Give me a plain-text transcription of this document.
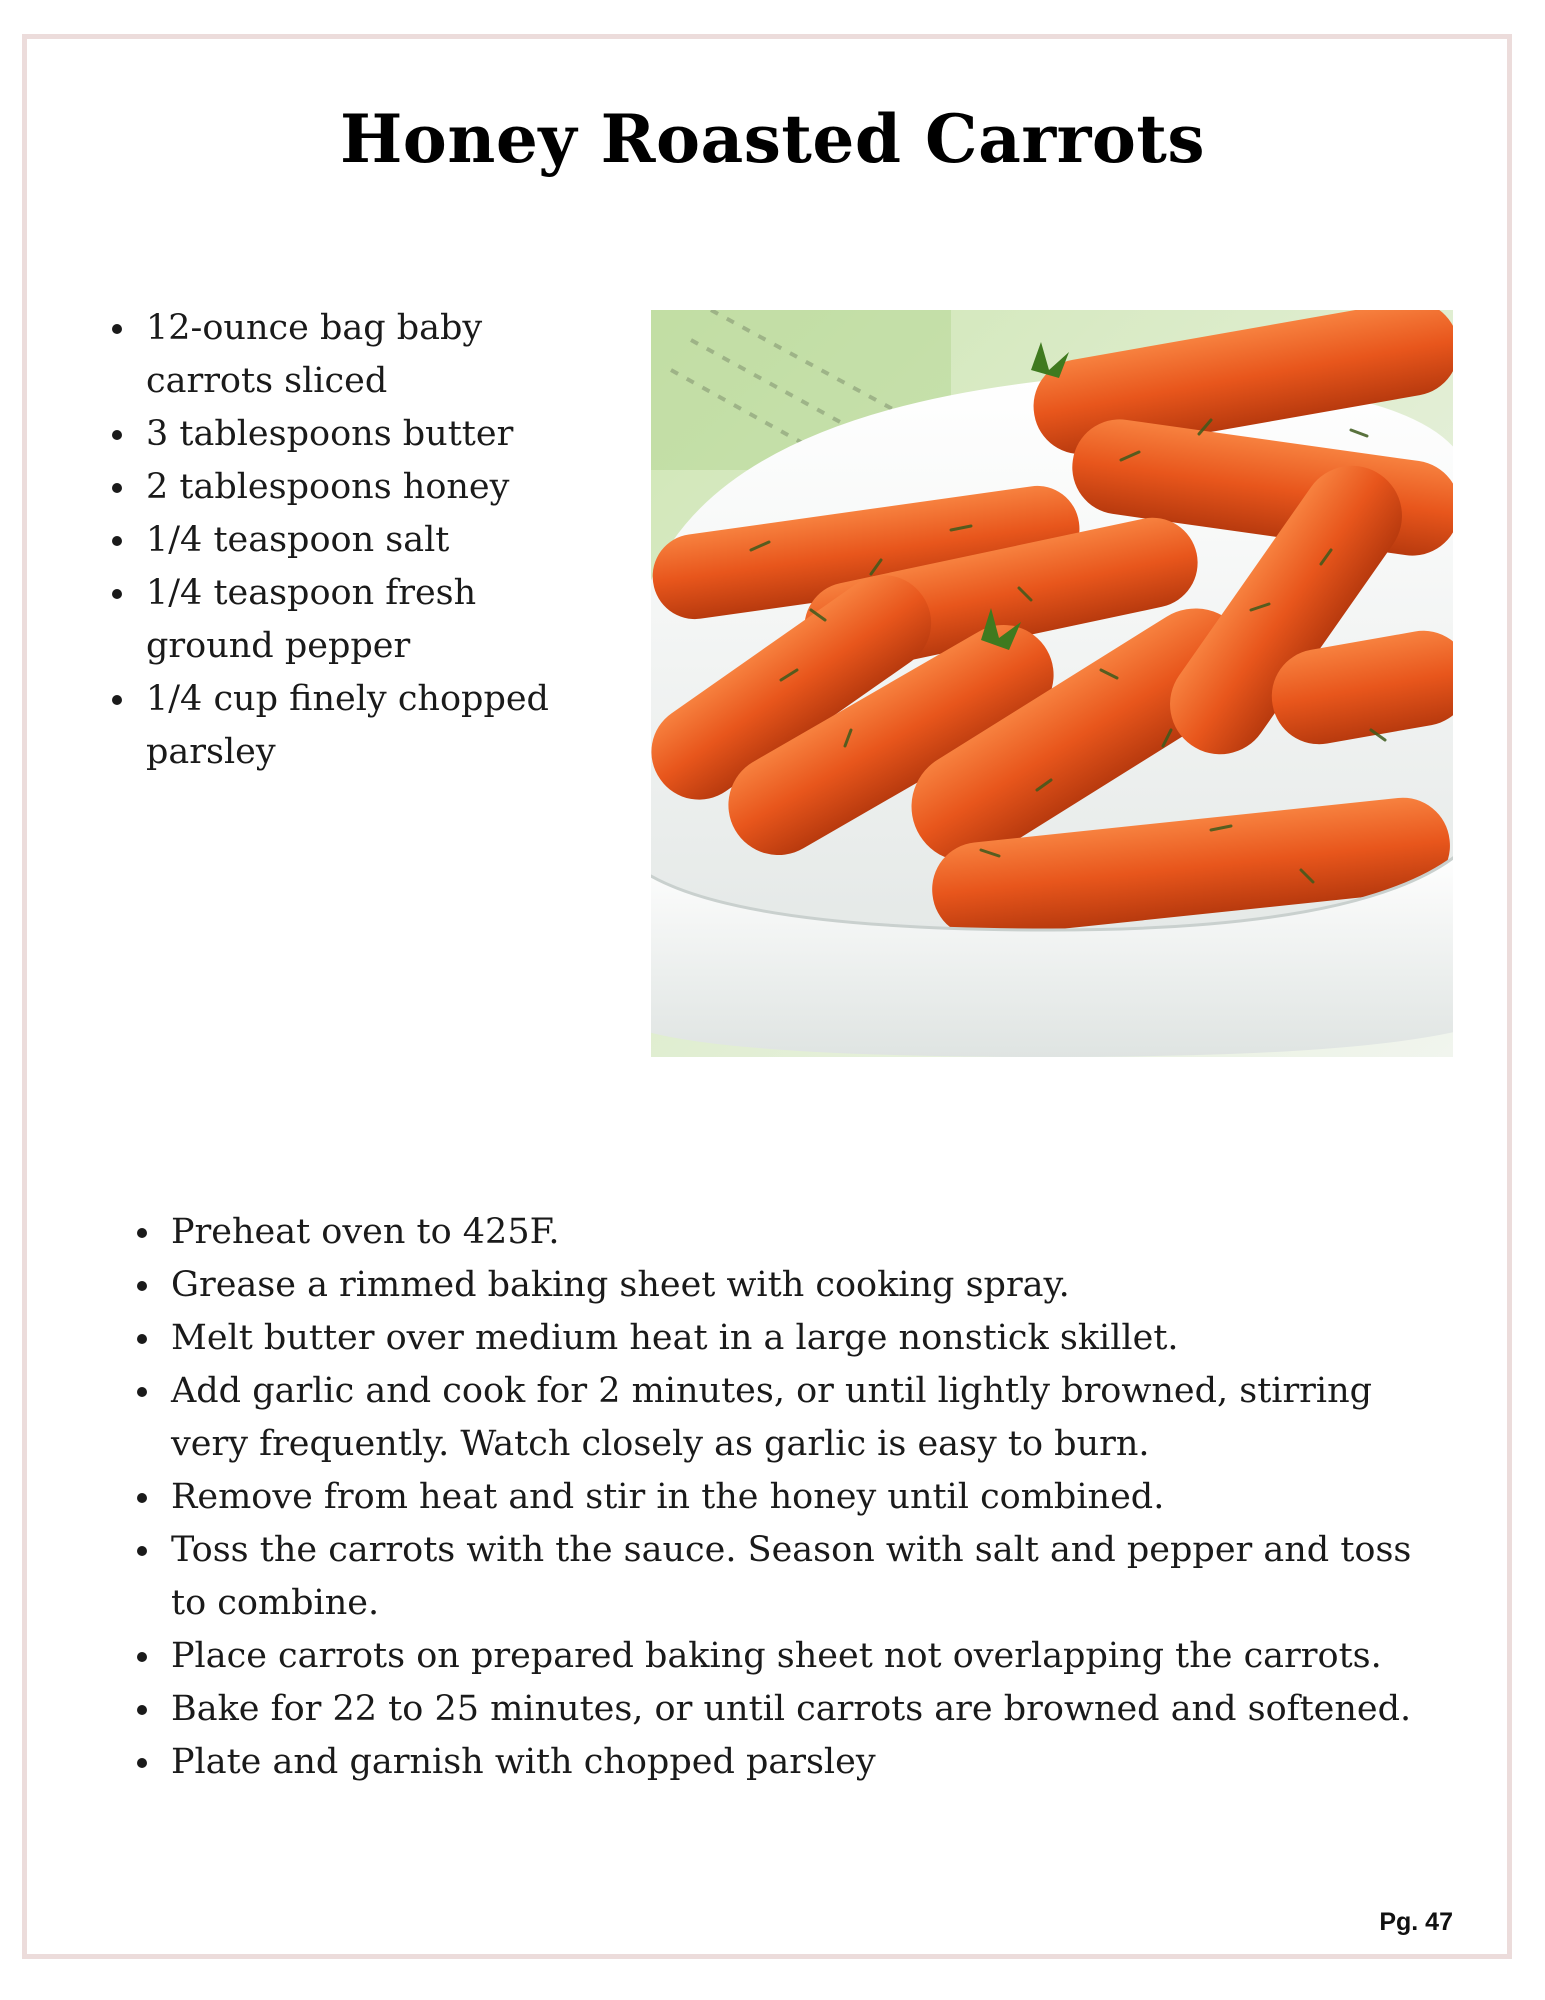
Honey Roasted Carrots
12-ounce bag baby carrots sliced
3 tablespoons butter
2 tablespoons honey
1/4 teaspoon salt
1/4 teaspoon fresh ground pepper
1/4 cup finely chopped parsley
Preheat oven to 425F.
Grease a rimmed baking sheet with cooking spray.
Melt butter over medium heat in a large nonstick skillet.
Add garlic and cook for 2 minutes, or until lightly browned, stirring very frequently. Watch closely as garlic is easy to burn.
Remove from heat and stir in the honey until combined.
Toss the carrots with the sauce. Season with salt and pepper and toss to combine.
Place carrots on prepared baking sheet not overlapping the carrots.
Bake for 22 to 25 minutes, or until carrots are browned and softened.
Plate and garnish with chopped parsley
Pg. 47
